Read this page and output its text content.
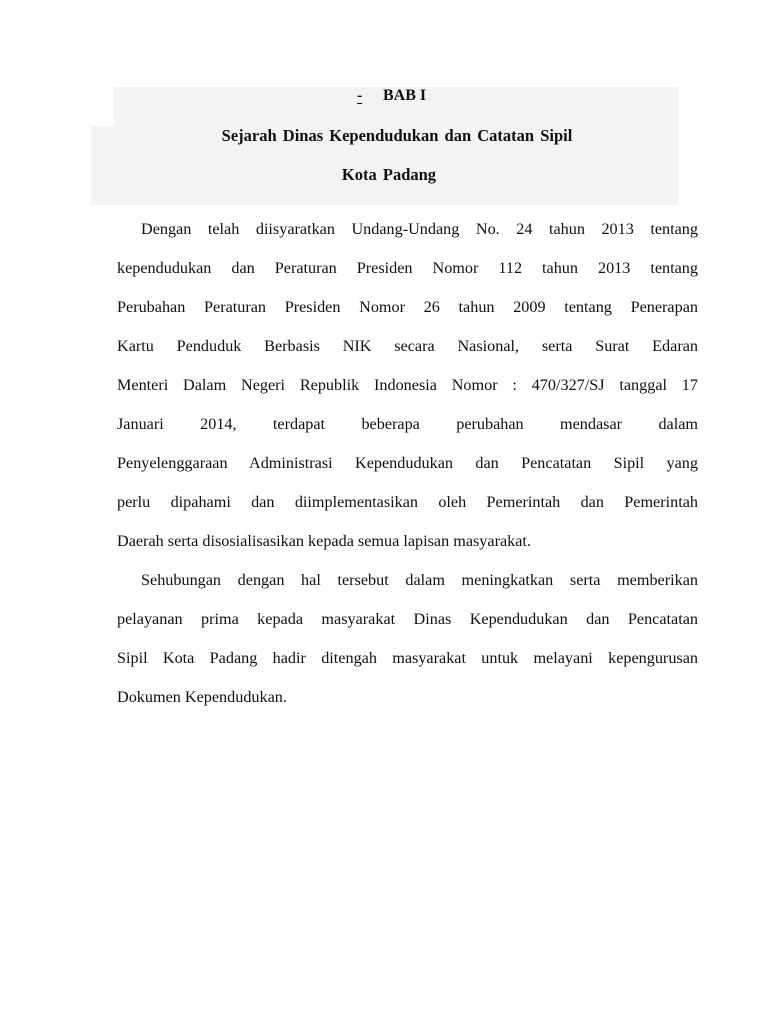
- BAB I
Sejarah Dinas Kependudukan dan Catatan Sipil
Kota Padang
Dengan telah diisyaratkan Undang-Undang No. 24 tahun 2013 tentang
kependudukan dan Peraturan Presiden Nomor 112 tahun 2013 tentang
Perubahan Peraturan Presiden Nomor 26 tahun 2009 tentang Penerapan
Kartu Penduduk Berbasis NIK secara Nasional, serta Surat Edaran
Menteri Dalam Negeri Republik Indonesia Nomor : 470/327/SJ tanggal 17
Januari 2014, terdapat beberapa perubahan mendasar dalam
Penyelenggaraan Administrasi Kependudukan dan Pencatatan Sipil yang
perlu dipahami dan diimplementasikan oleh Pemerintah dan Pemerintah
Daerah serta disosialisasikan kepada semua lapisan masyarakat.
Sehubungan dengan hal tersebut dalam meningkatkan serta memberikan
pelayanan prima kepada masyarakat Dinas Kependudukan dan Pencatatan
Sipil Kota Padang hadir ditengah masyarakat untuk melayani kepengurusan
Dokumen Kependudukan.
